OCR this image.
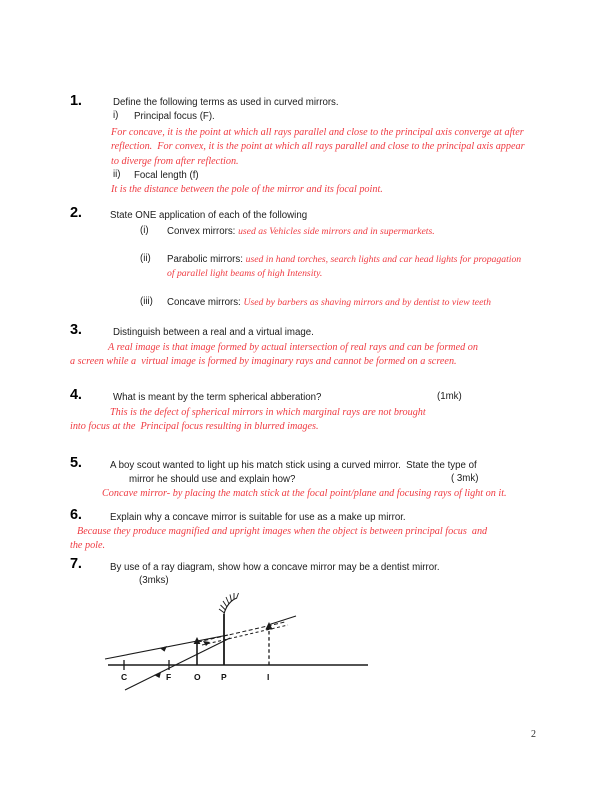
1.	Define the following terms as used in curved mirrors.
i) Principal focus (F).
For concave, it is the point at which all rays parallel and close to the principal axis converge at after reflection.  For convex, it is the point at which all rays parallel and close to the principal axis appear to diverge from after reflection.
ii) Focal length (f)
It is the distance between the pole of the mirror and its focal point.
2.	State ONE application of each of the following
(i) Convex mirrors: used as Vehicles side mirrors and in supermarkets.
(ii) Parabolic mirrors: used in hand torches, search lights and car head lights for propagation of parallel light beams of high Intensity.
(iii) Concave mirrors: Used by barbers as shaving mirrors and by dentist to view teeth
3.	Distinguish between a real and a virtual image.
A real image is that image formed by actual intersection of real rays and can be formed on
a screen while a  virtual image is formed by imaginary rays and cannot be formed on a screen.
4.	What is meant by the term spherical abberation?	(1mk)
This is the defect of spherical mirrors in which marginal rays are not brought
into focus at the  Principal focus resulting in blurred images.
5.	A boy scout wanted to light up his match stick using a curved mirror.  State the type of
mirror he should use and explain how?	( 3mk)
Concave mirror- by placing the match stick at the focal point/plane and focusing rays of light on it.
6.	Explain why a concave mirror is suitable for use as a make up mirror.
Because they produce magnified and upright images when the object is between principal focus  and
the pole.
7.	By use of a ray diagram, show how a concave mirror may be a dentist mirror.
(3mks)
C	F	O P	I
2
